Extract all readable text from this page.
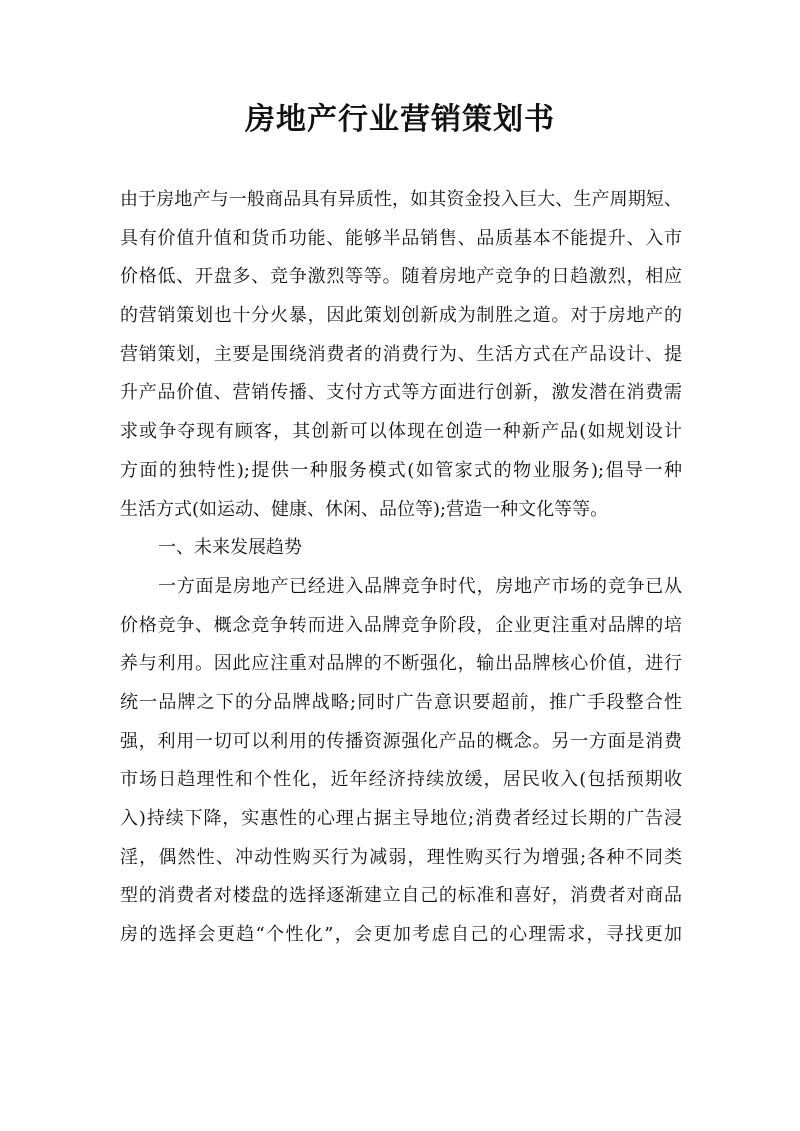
房地产行业营销策划书
由于房地产与一般商品具有异质性，如其资金投入巨大、生产周期短、
具有价值升值和货币功能、能够半品销售、品质基本不能提升、入市
价格低、开盘多、竞争激烈等等。随着房地产竞争的日趋激烈，相应
的营销策划也十分火暴，因此策划创新成为制胜之道。对于房地产的
营销策划，主要是围绕消费者的消费行为、生活方式在产品设计、提
升产品价值、营销传播、支付方式等方面进行创新，激发潜在消费需
求或争夺现有顾客，其创新可以体现在创造一种新产品(如规划设计
方面的独特性);提供一种服务模式(如管家式的物业服务);倡导一种
生活方式(如运动、健康、休闲、品位等);营造一种文化等等。
一、未来发展趋势
一方面是房地产已经进入品牌竞争时代，房地产市场的竞争已从
价格竞争、概念竞争转而进入品牌竞争阶段，企业更注重对品牌的培
养与利用。因此应注重对品牌的不断强化，输出品牌核心价值，进行
统一品牌之下的分品牌战略;同时广告意识要超前，推广手段整合性
强，利用一切可以利用的传播资源强化产品的概念。另一方面是消费
市场日趋理性和个性化，近年经济持续放缓，居民收入(包括预期收
入)持续下降，实惠性的心理占据主导地位;消费者经过长期的广告浸
淫，偶然性、冲动性购买行为减弱，理性购买行为增强;各种不同类
型的消费者对楼盘的选择逐渐建立自己的标准和喜好，消费者对商品
房的选择会更趋“个性化”，会更加考虑自己的心理需求，寻找更加
